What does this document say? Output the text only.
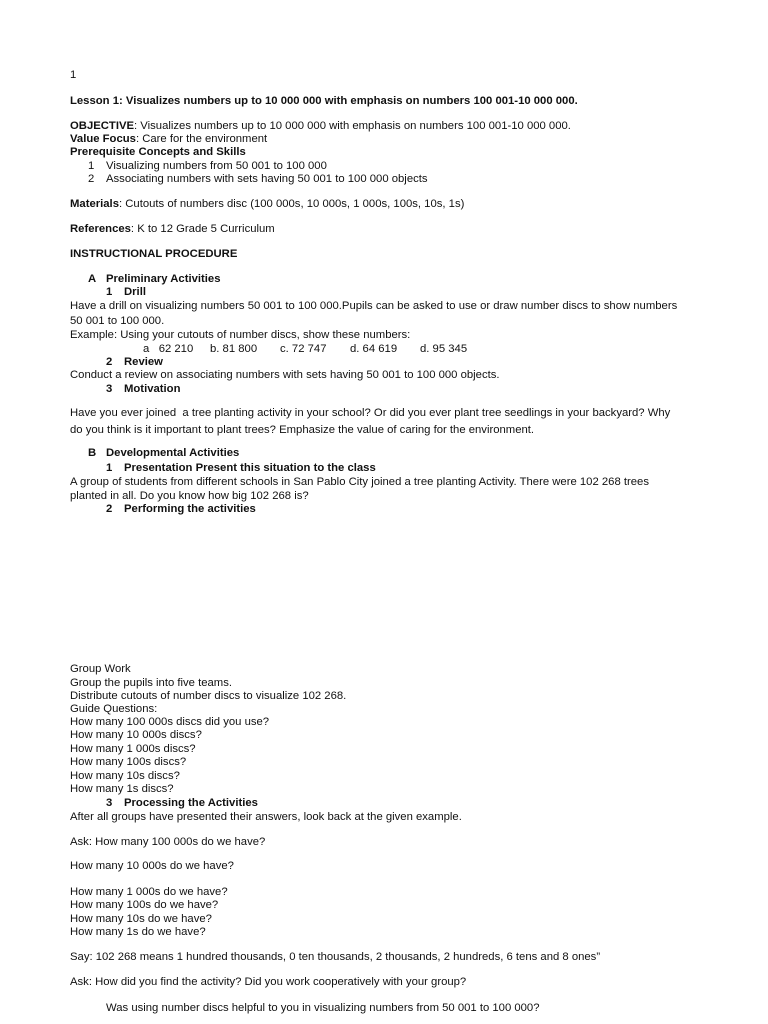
1
Lesson 1: Visualizes numbers up to 10 000 000 with emphasis on numbers 100 001-10 000 000.
OBJECTIVE: Visualizes numbers up to 10 000 000 with emphasis on numbers 100 001-10 000 000.
Value Focus: Care for the environment
Prerequisite Concepts and Skills
1 Visualizing numbers from 50 001 to 100 000
2 Associating numbers with sets having 50 001 to 100 000 objects
Materials: Cutouts of numbers disc (100 000s, 10 000s, 1 000s, 100s, 10s, 1s)
References: K to 12 Grade 5 Curriculum
INSTRUCTIONAL PROCEDURE
A Preliminary Activities
1 Drill
Have a drill on visualizing numbers 50 001 to 100 000.Pupils can be asked to use or draw number discs to show numbers
50 001 to 100 000.
Example: Using your cutouts of number discs, show these numbers:
a   62 210 b. 81 800 c. 72 747 d. 64 619 d. 95 345
2 Review
Conduct a review on associating numbers with sets having 50 001 to 100 000 objects.
3 Motivation
Have you ever joined  a tree planting activity in your school? Or did you ever plant tree seedlings in your backyard? Why
do you think is it important to plant trees? Emphasize the value of caring for the environment.
B Developmental Activities
1 Presentation Present this situation to the class
A group of students from different schools in San Pablo City joined a tree planting Activity. There were 102 268 trees
planted in all. Do you know how big 102 268 is?
2 Performing the activities
Group Work
Group the pupils into five teams.
Distribute cutouts of number discs to visualize 102 268.
Guide Questions:
How many 100 000s discs did you use?
How many 10 000s discs?
How many 1 000s discs?
How many 100s discs?
How many 10s discs?
How many 1s discs?
3 Processing the Activities
After all groups have presented their answers, look back at the given example.
Ask: How many 100 000s do we have?
How many 10 000s do we have?
How many 1 000s do we have?
How many 100s do we have?
How many 10s do we have?
How many 1s do we have?
Say: 102 268 means 1 hundred thousands, 0 ten thousands, 2 thousands, 2 hundreds, 6 tens and 8 ones”
Ask: How did you find the activity? Did you work cooperatively with your group?
Was using number discs helpful to you in visualizing numbers from 50 001 to 100 000?
